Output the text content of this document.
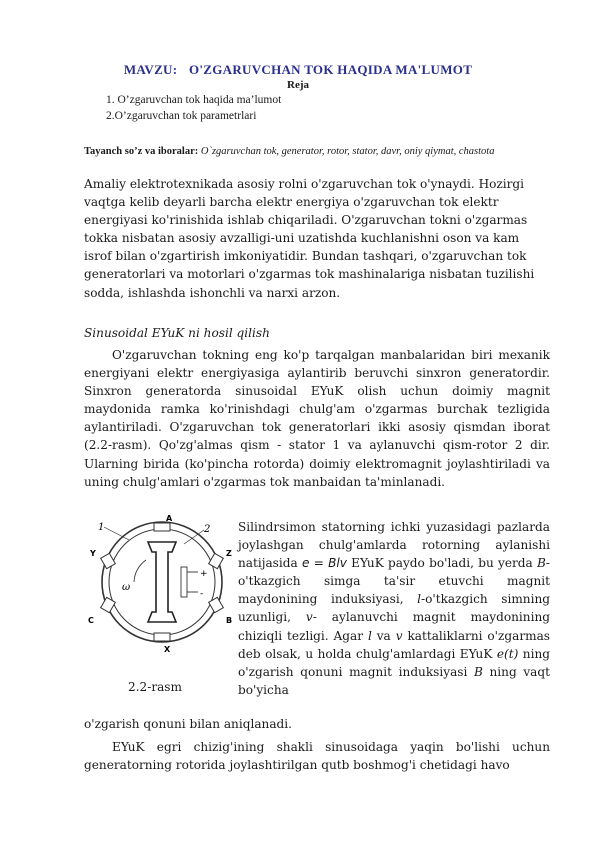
MAVZU: O'ZGARUVCHAN TOK HAQIDA MA'LUMOT
Reja
1. O’zgaruvchan tok haqida ma’lumot
2.O’zgaruvchan tok parametrlari
Tayanch so’z va iboralar: O`zgaruvchan tok, generator, rotor, stator, davr, oniy qiymat, chastota
Amaliy elektrotexnikada asosiy rolni o'zgaruvchan tok o'ynaydi. Hozirgi vaqtga kelib deyarli barcha elektr energiya o'zgaruvchan tok elektr energiyasi ko'rinishida ishlab chiqariladi. O'zgaruvchan tokni o'zgarmas tokka nisbatan asosiy avzalligi-uni uzatishda kuchlanishni oson va kam isrof bilan o'zgartirish imkoniyatidir. Bundan tashqari, o'zgaruvchan tok generatorlari va motorlari o'zgarmas tok mashinalariga nisbatan tuzilishi sodda, ishlashda ishonchli va narxi arzon.
Sinusoidal EYuK ni hosil qilish
O'zgaruvchan tokning eng ko'p tarqalgan manbalaridan biri mexanik energiyani elektr energiyasiga aylantirib beruvchi sinxron generatordir. Sinxron generatorda sinusoidal EYuK olish uchun doimiy magnit maydonida ramka ko'rinishdagi chulg'am o'zgarmas burchak tezligida aylantiriladi. O'zgaruvchan tok generatorlari ikki asosiy qismdan iborat (2.2-rasm). Qo'zg'almas qism - stator 1 va aylanuvchi qism-rotor 2 dir. Ularning birida (ko'pincha rotorda) doimiy elektromagnit joylashtiriladi va uning chulg'amlari o'zgarmas tok manbaidan ta'minlanadi.
1	2
A
Y	Z
C	B
X
ω
+
-
2.2-rasm
Silindrsimon statorning ichki yuzasidagi pazlarda joylashgan chulg'amlarda rotorning aylanishi natijasida e = Blv EYuK paydo bo'ladi, bu yerda B-o'tkazgich simga ta'sir etuvchi magnit maydonining induksiyasi, l-o'tkazgich simning uzunligi, v- aylanuvchi magnit maydonining chiziqli tezligi. Agar l va v kattaliklarni o'zgarmas deb olsak, u holda chulg'amlardagi EYuK e(t) ning o'zgarish qonuni magnit induksiyasi B ning vaqt bo'yicha
o'zgarish qonuni bilan aniqlanadi.
EYuK egri chizig'ining shakli sinusoidaga yaqin bo'lishi uchun generatorning rotorida joylashtirilgan qutb boshmog'i chetidagi havo
